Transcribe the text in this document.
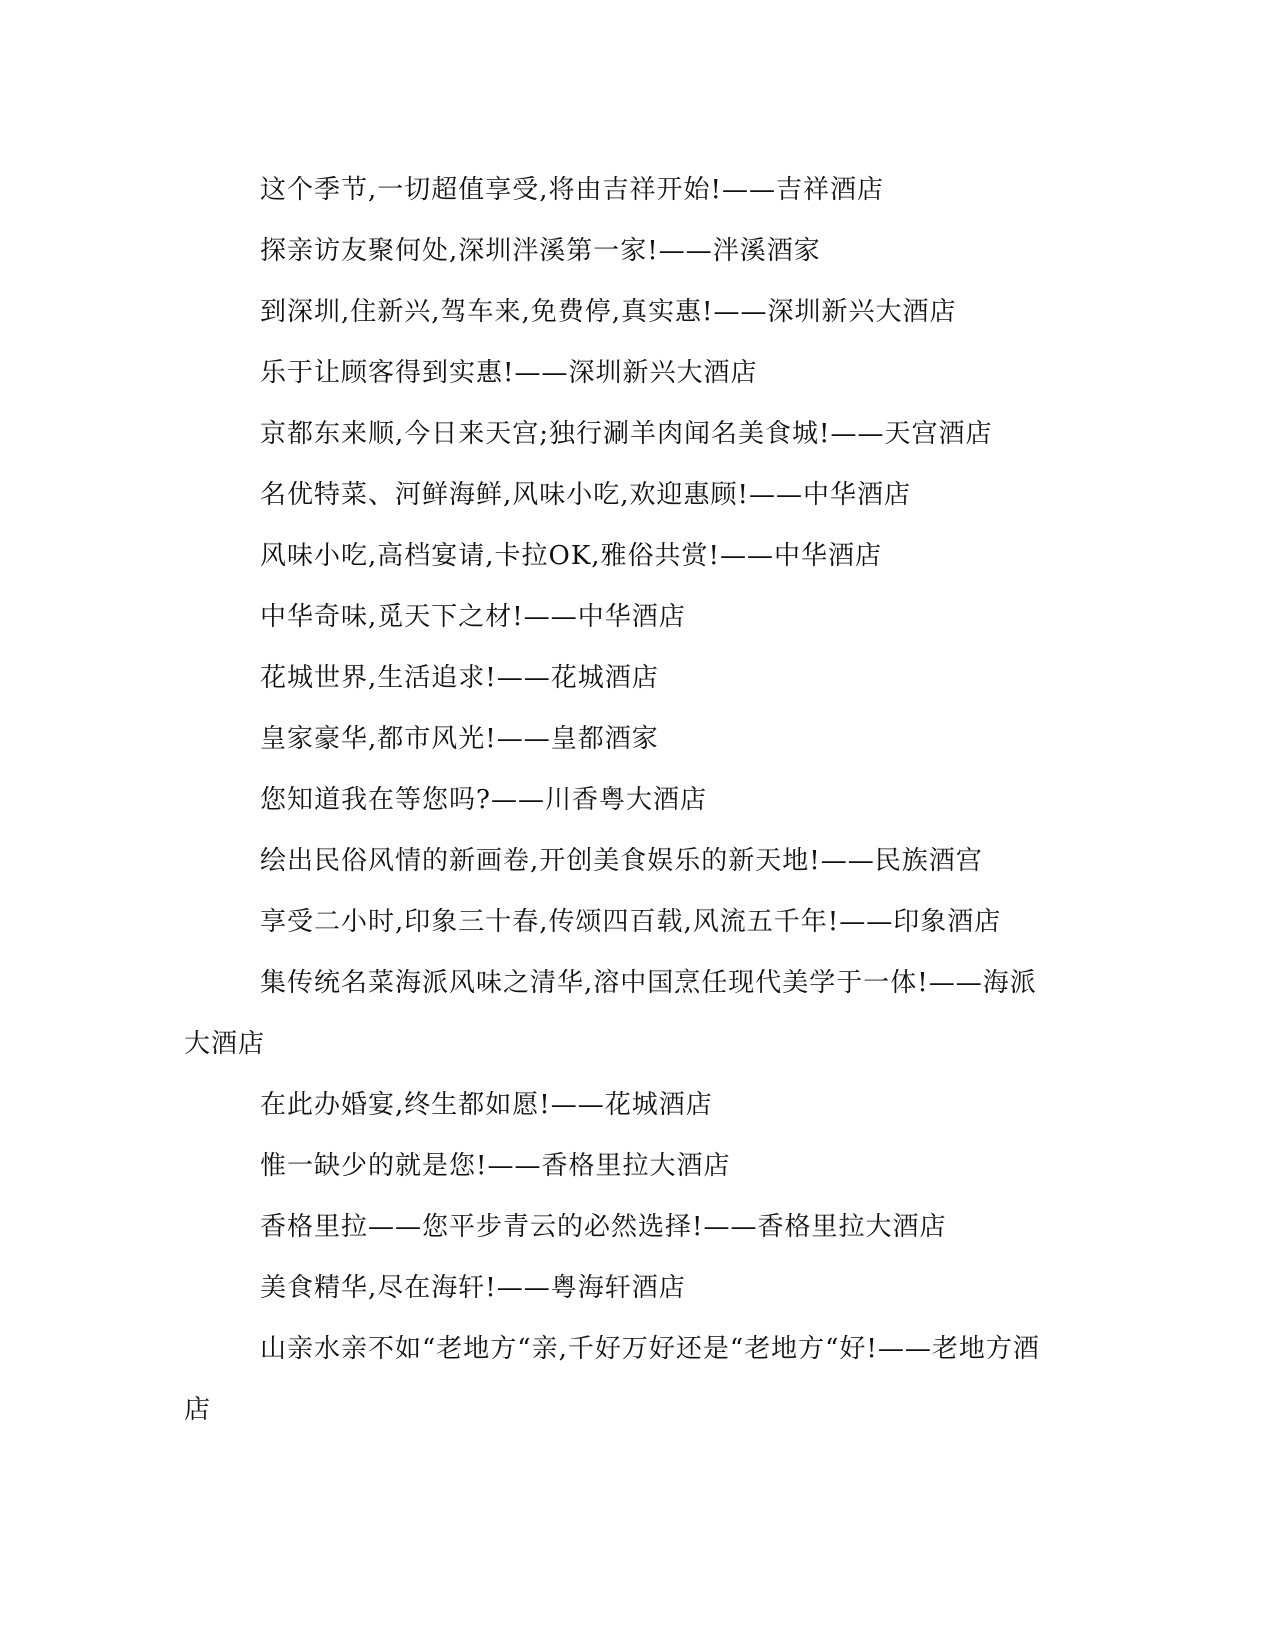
这个季节,一切超值享受,将由吉祥开始!——吉祥酒店

探亲访友聚何处,深圳泮溪第一家!——泮溪酒家

到深圳,住新兴,驾车来,免费停,真实惠!——深圳新兴大酒店

乐于让顾客得到实惠!——深圳新兴大酒店

京都东来顺,今日来天宫;独行涮羊肉闻名美食城!——天宫酒店

名优特菜、河鲜海鲜,风味小吃,欢迎惠顾!——中华酒店

风味小吃,高档宴请,卡拉OK,雅俗共赏!——中华酒店

中华奇味,觅天下之材!——中华酒店

花城世界,生活追求!——花城酒店

皇家豪华,都市风光!——皇都酒家

您知道我在等您吗?——川香粤大酒店

绘出民俗风情的新画卷,开创美食娱乐的新天地!——民族酒宫

享受二小时,印象三十春,传颂四百载,风流五千年!——印象酒店

集传统名菜海派风味之清华,溶中国烹任现代美学于一体!——海派大酒店

在此办婚宴,终生都如愿!——花城酒店

惟一缺少的就是您!——香格里拉大酒店

香格里拉——您平步青云的必然选择!——香格里拉大酒店

美食精华,尽在海轩!——粤海轩酒店

山亲水亲不如“老地方“亲,千好万好还是“老地方“好!——老地方酒店
